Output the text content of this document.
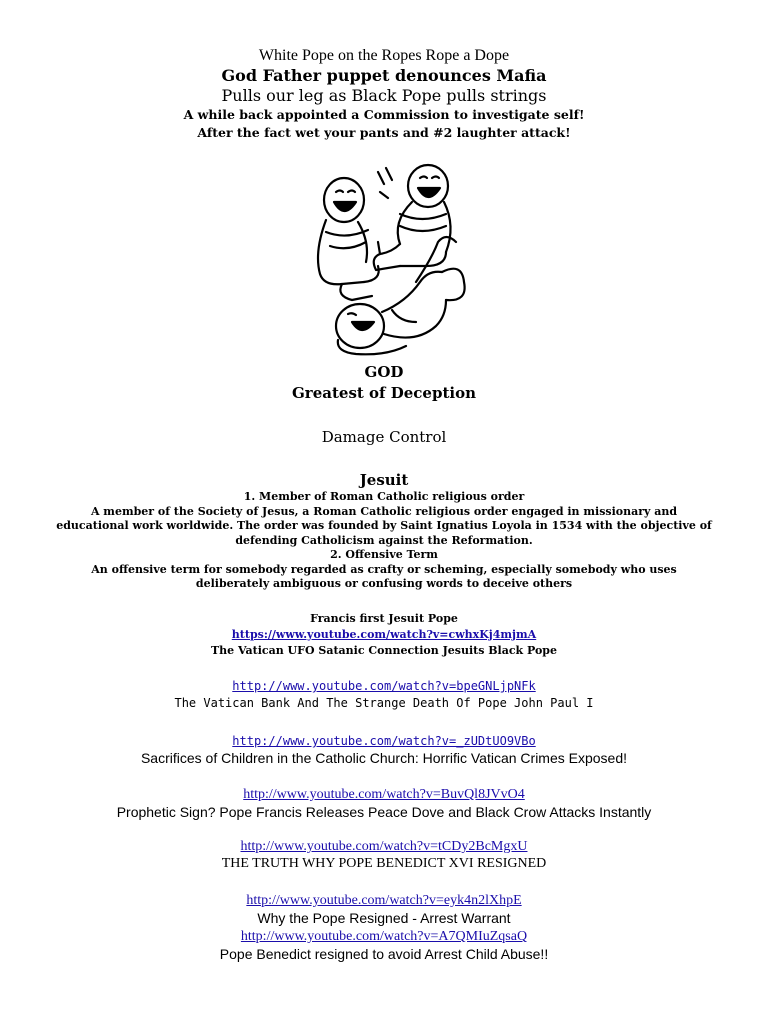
White Pope on the Ropes Rope a Dope
God Father puppet denounces Mafia
Pulls our leg as Black Pope pulls strings
A while back appointed a Commission to investigate self!
After the fact wet your pants and #2 laughter attack!
GOD
Greatest of Deception
Damage Control
Jesuit
1. Member of Roman Catholic religious order
A member of the Society of Jesus, a Roman Catholic religious order engaged in missionary and educational work worldwide. The order was founded by Saint Ignatius Loyola in 1534 with the objective of defending Catholicism against the Reformation.
2. Offensive Term
An offensive term for somebody regarded as crafty or scheming, especially somebody who uses deliberately ambiguous or confusing words to deceive others
Francis first Jesuit Pope
https://www.youtube.com/watch?v=cwhxKj4mjmA
The Vatican UFO Satanic Connection Jesuits Black Pope
http://www.youtube.com/watch?v=bpeGNLjpNFk
The Vatican Bank And The Strange Death Of Pope John Paul I
http://www.youtube.com/watch?v=_zUDtUO9VBo
Sacrifices of Children in the Catholic Church: Horrific Vatican Crimes Exposed!
http://www.youtube.com/watch?v=BuvQl8JVvO4
Prophetic Sign? Pope Francis Releases Peace Dove and Black Crow Attacks Instantly
http://www.youtube.com/watch?v=tCDy2BcMgxU
THE TRUTH WHY POPE BENEDICT XVI RESIGNED
http://www.youtube.com/watch?v=eyk4n2lXhpE
Why the Pope Resigned - Arrest Warrant
http://www.youtube.com/watch?v=A7QMIuZqsaQ
Pope Benedict resigned to avoid Arrest Child Abuse!!
